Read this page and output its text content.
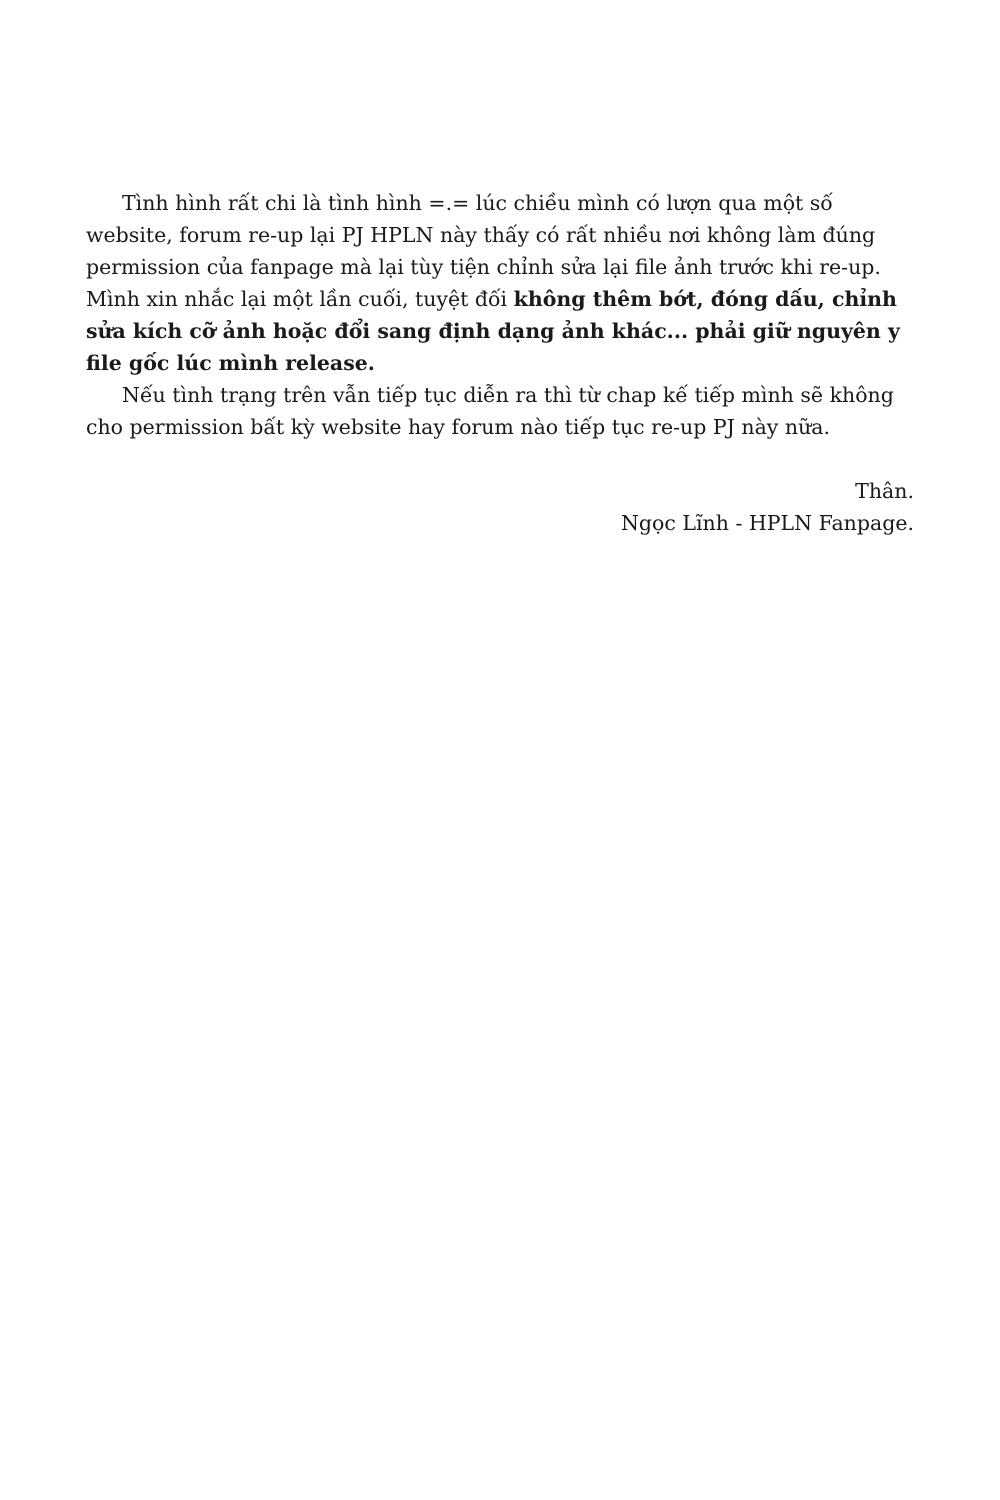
Tình hình rất chi là tình hình =.= lúc chiều mình có lượn qua một số website, forum re-up lại PJ HPLN này thấy có rất nhiều nơi không làm đúng permission của fanpage mà lại tùy tiện chỉnh sửa lại file ảnh trước khi re-up. Mình xin nhắc lại một lần cuối, tuyệt đối không thêm bớt, đóng dấu, chỉnh sửa kích cỡ ảnh hoặc đổi sang định dạng ảnh khác... phải giữ nguyên y file gốc lúc mình release.

Nếu tình trạng trên vẫn tiếp tục diễn ra thì từ chap kế tiếp mình sẽ không cho permission bất kỳ website hay forum nào tiếp tục re-up PJ này nữa.

Thân.
Ngọc Lĩnh - HPLN Fanpage.
